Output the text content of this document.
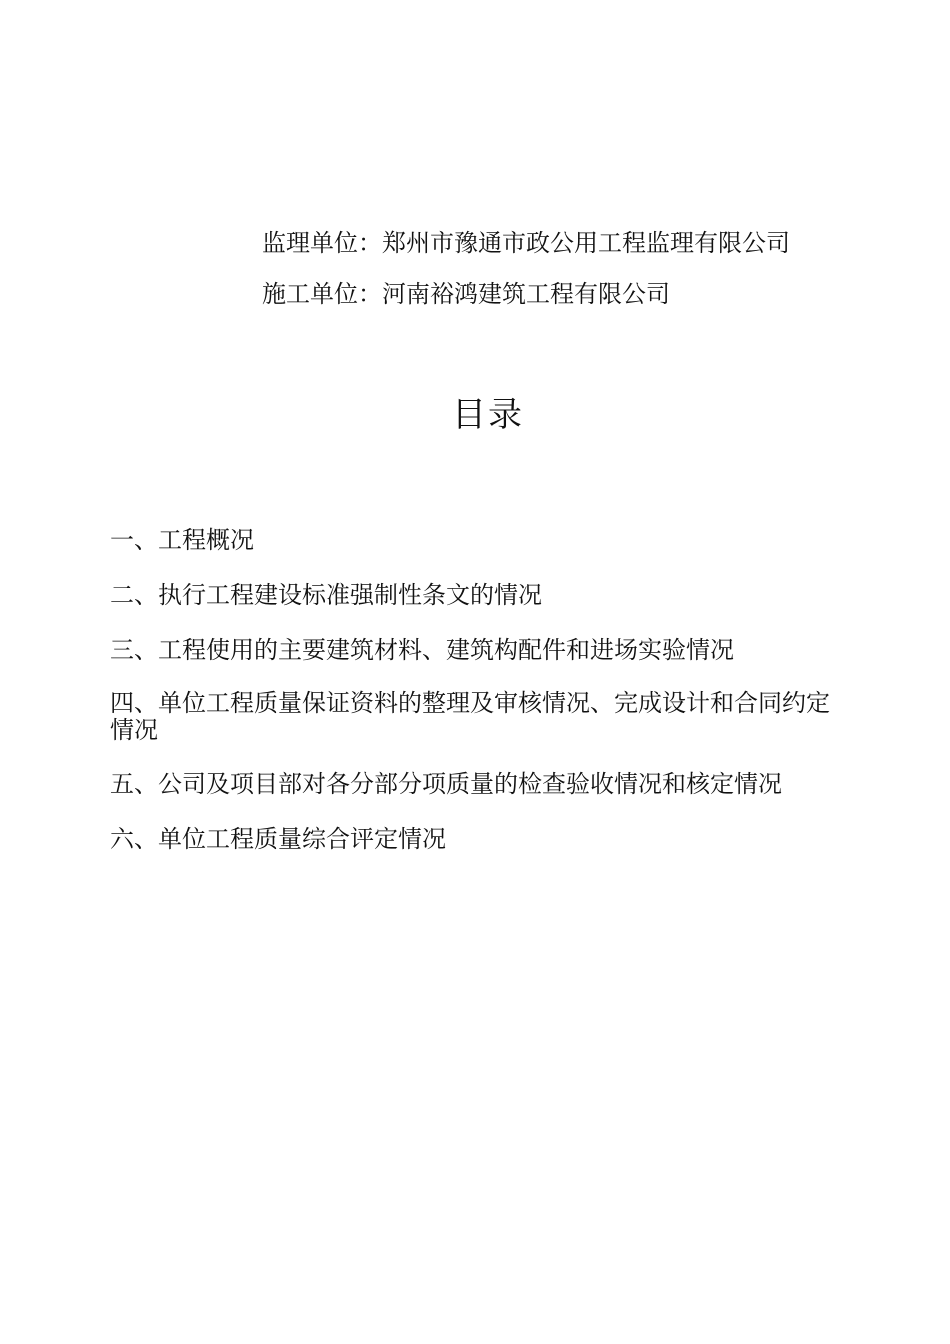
监理单位：郑州市豫通市政公用工程监理有限公司
施工单位：河南裕鸿建筑工程有限公司
目录
一、工程概况
二、执行工程建设标准强制性条文的情况
三、工程使用的主要建筑材料、建筑构配件和进场实验情况
四、单位工程质量保证资料的整理及审核情况、完成设计和合同约定情况
五、公司及项目部对各分部分项质量的检查验收情况和核定情况
六、单位工程质量综合评定情况
